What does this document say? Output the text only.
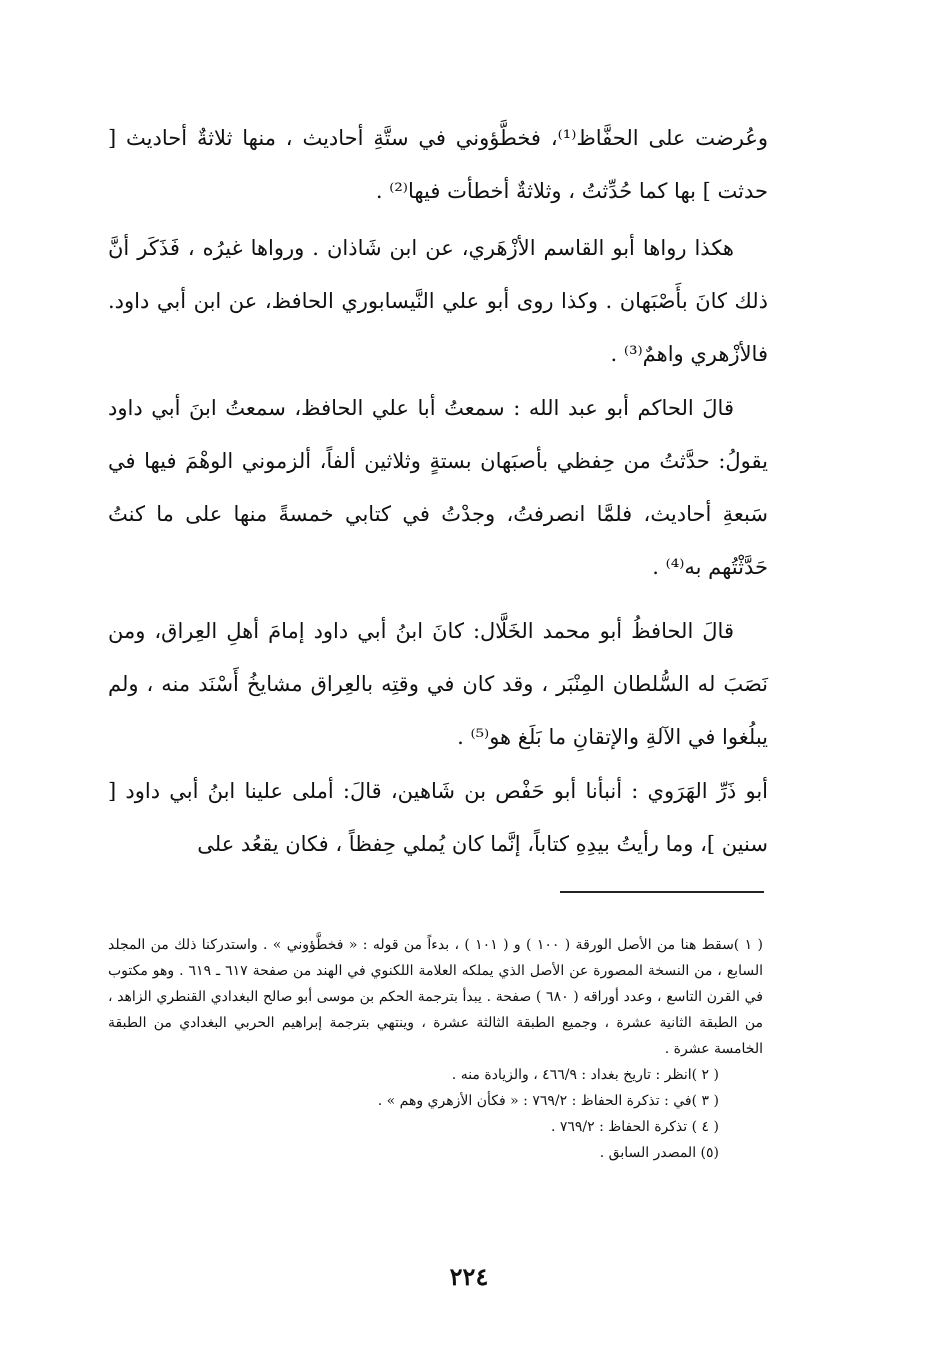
وعُرضت على الحفَّاظ⁽¹⁾، فخطَّؤوني في ستَّةِ أحاديث ، منها ثلاثةٌ أحاديث [ حدثت ] بها كما حُدِّثتُ ، وثلاثةٌ أخطأت فيها⁽²⁾ .

هكذا رواها أبو القاسم الأزْهَري، عن ابن شَاذان . ورواها غيرُه ، فَذَكَر أنَّ ذلك كانَ بأَصْبَهان . وكذا روى أبو علي النَّيسابوري الحافظ، عن ابن أبي داود. فالأزْهري واهمٌ⁽³⁾ .

قالَ الحاكم أبو عبد الله : سمعتُ أبا علي الحافظ، سمعتُ ابنَ أبي داود يقولُ: حدَّثتُ من حِفظي بأصبَهان بستةٍ وثلاثين ألفاً، ألزموني الوهْمَ فيها في سَبعةِ أحاديث، فلمَّا انصرفتُ، وجدْتُ في كتابي خمسةً منها على ما كنتُ حَدَّثْتُهم به⁽⁴⁾ .

قالَ الحافظُ أبو محمد الخَلَّال: كانَ ابنُ أبي داود إمامَ أهلِ العِراق، ومن نَصَبَ له السُّلطان المِنْبَر ، وقد كان في وقتِه بالعِراق مشايخُ أَسْنَد منه ، ولم يبلُغوا في الآلةِ والإتقانِ ما بَلَغ هو⁽⁵⁾ .

أبو ذَرِّ الهَرَوي : أنبأنا أبو حَفْص بن شَاهين، قالَ: أملى علينا ابنُ أبي داود [ سنين ]، وما رأيتُ بيدِهِ كتاباً، إنَّما كان يُملي حِفظاً ، فكان يقعُد على

( ١ )سقط هنا من الأصل الورقة ( ١٠٠ ) و ( ١٠١ ) ، بدءاً من قوله : « فخطَّؤوني » . واستدركنا ذلك من المجلد السابع ، من النسخة المصورة عن الأصل الذي يملكه العلامة اللكنوي في الهند من صفحة ٦١٧ ـ ٦١٩ . وهو مكتوب في القرن التاسع ، وعدد أوراقه ( ٦٨٠ ) صفحة . يبدأ بترجمة الحكم بن موسى أبو صالح البغدادي القنطري الزاهد ، من الطبقة الثانية عشرة ، وجميع الطبقة الثالثة عشرة ، وينتهي بترجمة إبراهيم الحربي البغدادي من الطبقة الخامسة عشرة .

( ٢ )انظر : تاريخ بغداد : ٤٦٦/٩ ، والزيادة منه .

( ٣ )في : تذكرة الحفاظ : ٧٦٩/٢ : « فكأن الأزهري وهم » .

( ٤ ) تذكرة الحفاظ : ٧٦٩/٢ .

(٥) المصدر السابق .

٢٢٤
